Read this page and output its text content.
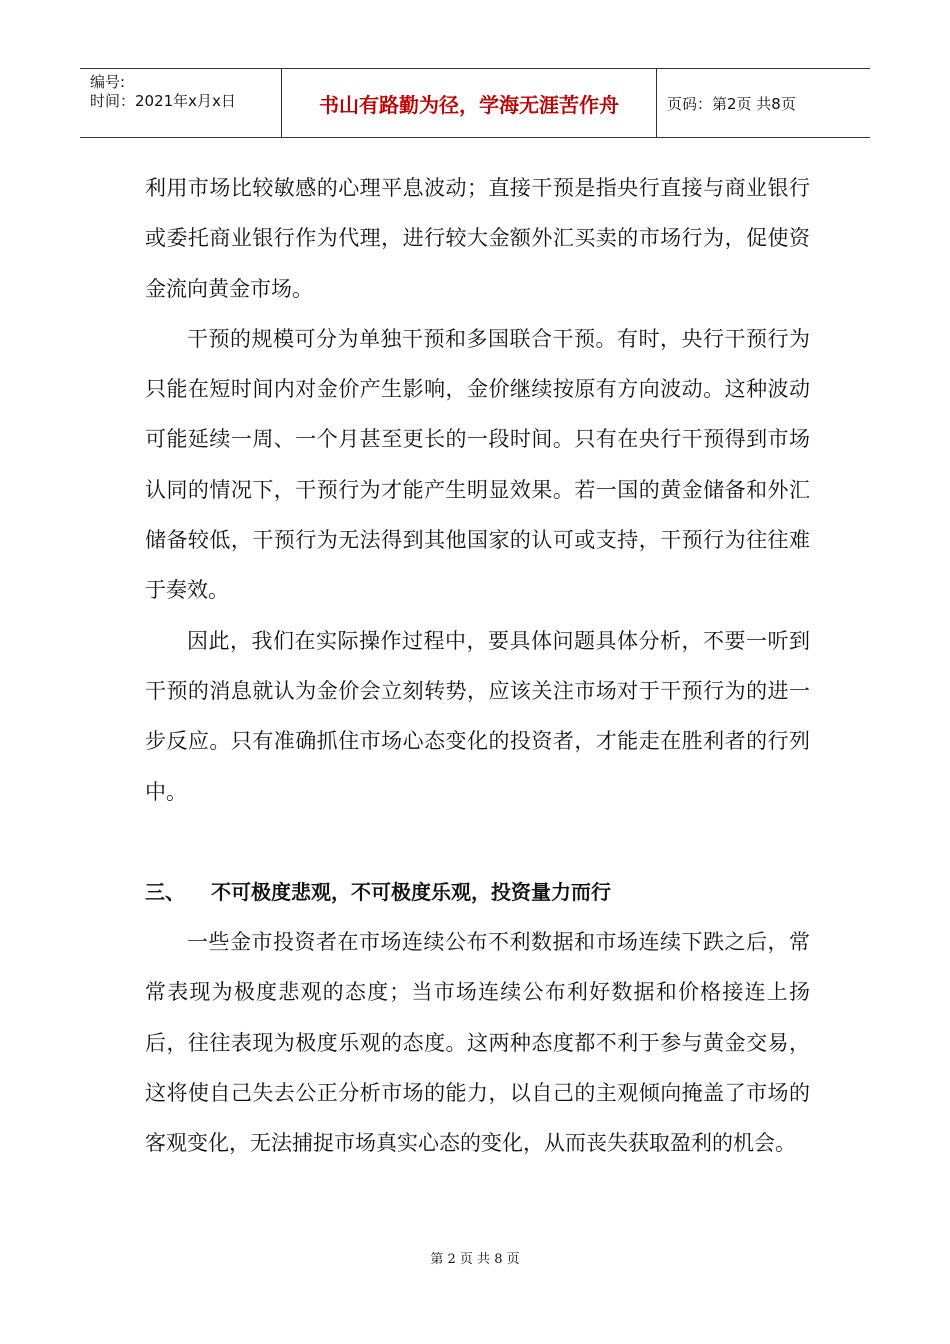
编号:
时间：2021年x月x日	书山有路勤为径，学海无涯苦作舟	页码：第2页 共8页

利用市场比较敏感的心理平息波动；直接干预是指央行直接与商业银行或委托商业银行作为代理，进行较大金额外汇买卖的市场行为，促使资金流向黄金市场。

干预的规模可分为单独干预和多国联合干预。有时，央行干预行为只能在短时间内对金价产生影响，金价继续按原有方向波动。这种波动可能延续一周、一个月甚至更长的一段时间。只有在央行干预得到市场认同的情况下，干预行为才能产生明显效果。若一国的黄金储备和外汇储备较低，干预行为无法得到其他国家的认可或支持，干预行为往往难于奏效。

因此，我们在实际操作过程中，要具体问题具体分析，不要一听到干预的消息就认为金价会立刻转势，应该关注市场对于干预行为的进一步反应。只有准确抓住市场心态变化的投资者，才能走在胜利者的行列中。

三、 不可极度悲观，不可极度乐观，投资量力而行

一些金市投资者在市场连续公布不利数据和市场连续下跌之后，常常表现为极度悲观的态度；当市场连续公布利好数据和价格接连上扬后，往往表现为极度乐观的态度。这两种态度都不利于参与黄金交易，这将使自己失去公正分析市场的能力，以自己的主观倾向掩盖了市场的客观变化，无法捕捉市场真实心态的变化，从而丧失获取盈利的机会。

第 2 页 共 8 页
